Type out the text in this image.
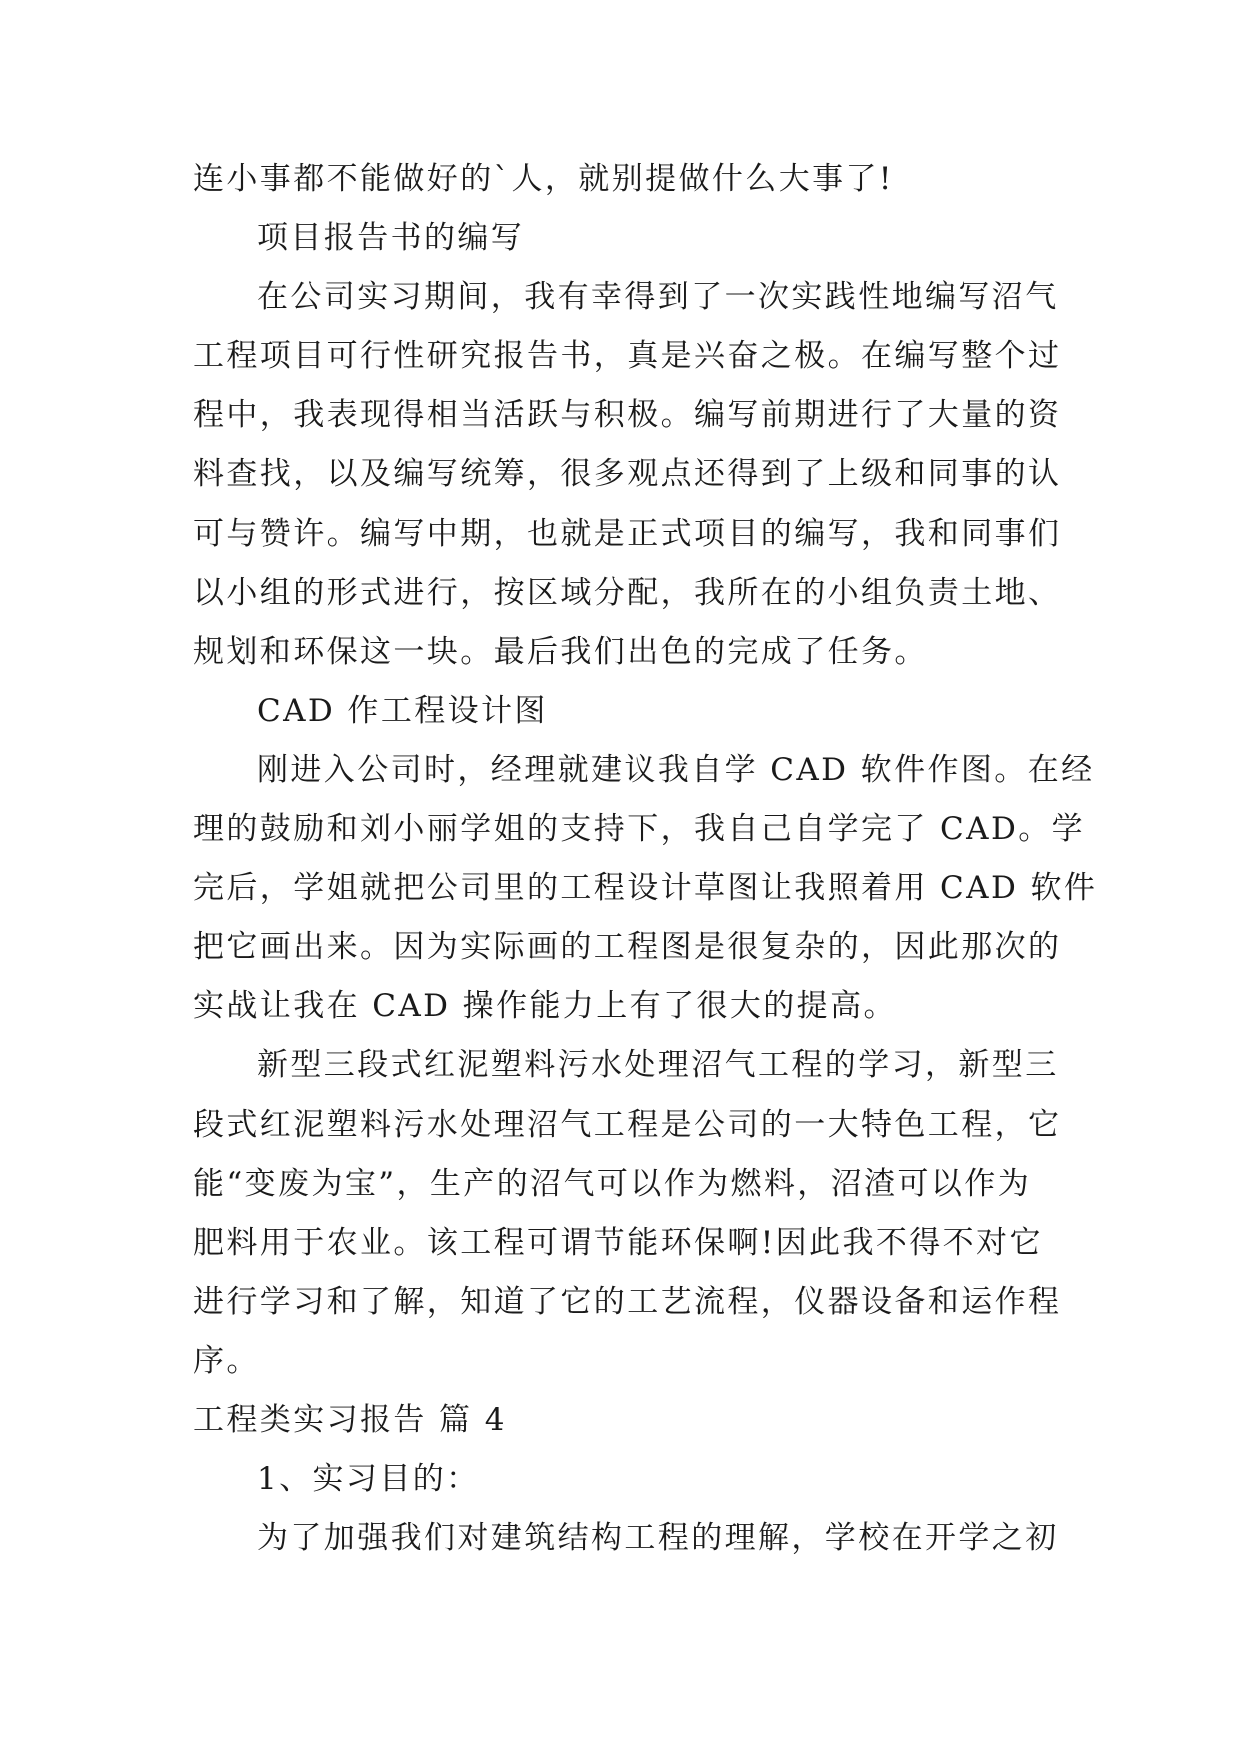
连小事都不能做好的`人，就别提做什么大事了!
项目报告书的编写
在公司实习期间，我有幸得到了一次实践性地编写沼气
工程项目可行性研究报告书，真是兴奋之极。在编写整个过
程中，我表现得相当活跃与积极。编写前期进行了大量的资
料查找，以及编写统筹，很多观点还得到了上级和同事的认
可与赞许。编写中期，也就是正式项目的编写，我和同事们
以小组的形式进行，按区域分配，我所在的小组负责土地、
规划和环保这一块。最后我们出色的完成了任务。
CAD 作工程设计图
刚进入公司时，经理就建议我自学 CAD 软件作图。在经
理的鼓励和刘小丽学姐的支持下，我自己自学完了 CAD。学
完后，学姐就把公司里的工程设计草图让我照着用 CAD 软件
把它画出来。因为实际画的工程图是很复杂的，因此那次的
实战让我在 CAD 操作能力上有了很大的提高。
新型三段式红泥塑料污水处理沼气工程的学习，新型三
段式红泥塑料污水处理沼气工程是公司的一大特色工程，它
能“变废为宝”，生产的沼气可以作为燃料，沼渣可以作为
肥料用于农业。该工程可谓节能环保啊!因此我不得不对它
进行学习和了解，知道了它的工艺流程，仪器设备和运作程
序。
工程类实习报告 篇 4
1、实习目的：
为了加强我们对建筑结构工程的理解，学校在开学之初
